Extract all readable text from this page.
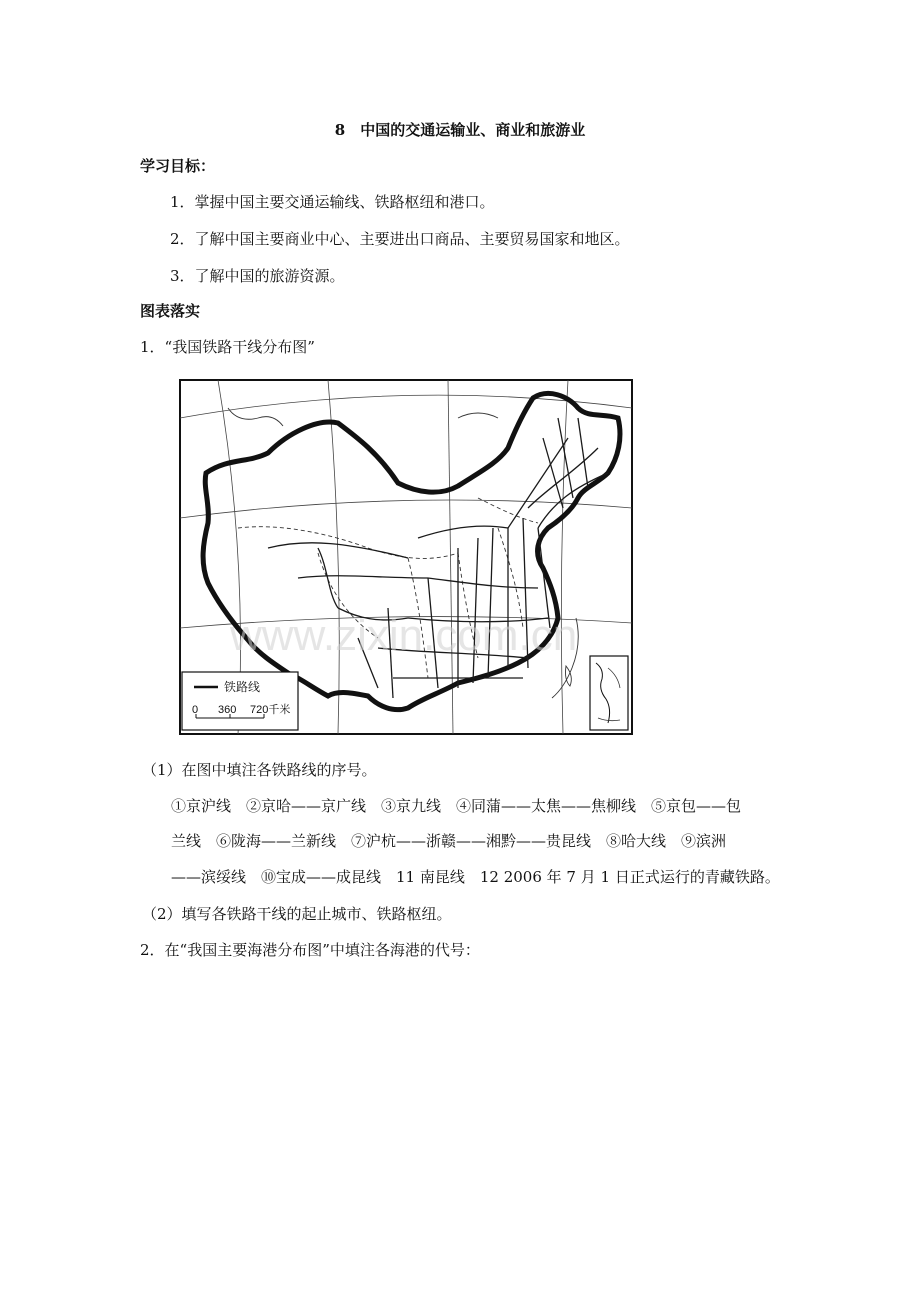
8　中国的交通运输业、商业和旅游业
学习目标：
1．掌握中国主要交通运输线、铁路枢纽和港口。
2．了解中国主要商业中心、主要进出口商品、主要贸易国家和地区。
3．了解中国的旅游资源。
图表落实
1．“我国铁路干线分布图”
铁路线
0 360 720千米
www.zixin.com.cn
（1）在图中填注各铁路线的序号。
①京沪线　②京哈——京广线　③京九线　④同蒲——太焦——焦柳线　⑤京包——包
兰线　⑥陇海——兰新线　⑦沪杭——浙赣——湘黔——贵昆线　⑧哈大线　⑨滨洲
——滨绥线　⑩宝成——成昆线　11 南昆线　12 2006 年 7 月 1 日正式运行的青藏铁路。
（2）填写各铁路干线的起止城市、铁路枢纽。
2．在“我国主要海港分布图”中填注各海港的代号：
